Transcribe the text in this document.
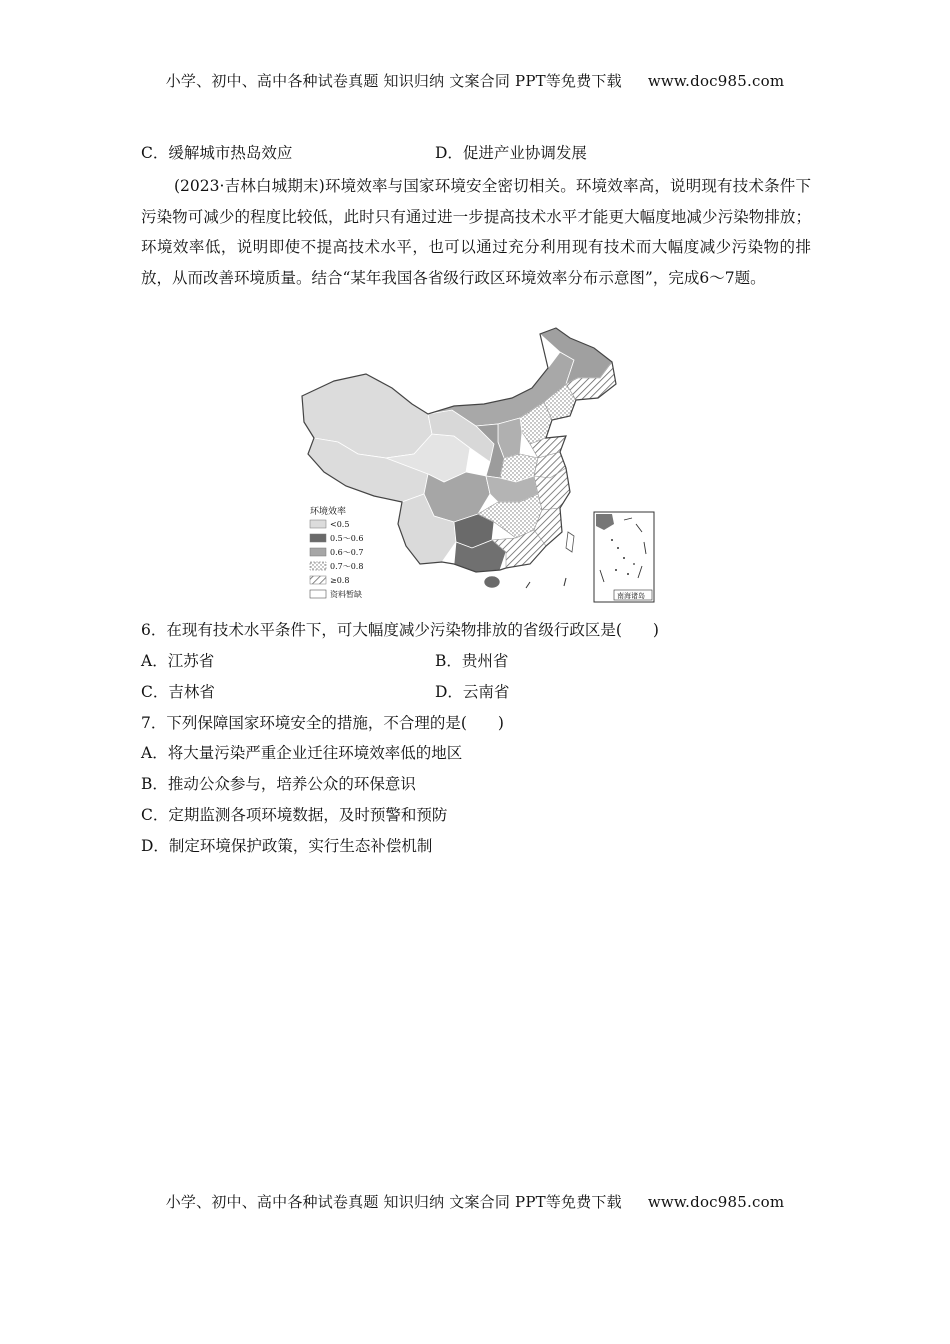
小学、初中、高中各种试卷真题 知识归纳 文案合同 PPT等免费下载 www.doc985.com
C．缓解城市热岛效应	D．促进产业协调发展

(2023·吉林白城期末)环境效率与国家环境安全密切相关。环境效率高，说明现有技术条件下污染物可减少的程度比较低，此时只有通过进一步提高技术水平才能更大幅度地减少污染物排放；环境效率低，说明即使不提高技术水平，也可以通过充分利用现有技术而大幅度减少污染物的排放，从而改善环境质量。结合“某年我国各省级行政区环境效率分布示意图”，完成6～7题。

环境效率
<0.5
0.5～0.6
0.6～0.7
0.7～0.8
≥0.8
资料暂缺	南海诸岛
6．在现有技术水平条件下，可大幅度减少污染物排放的省级行政区是(　　)
A．江苏省	B．贵州省
C．吉林省	D．云南省
7．下列保障国家环境安全的措施，不合理的是(　　)
A．将大量污染严重企业迁往环境效率低的地区
B．推动公众参与，培养公众的环保意识
C．定期监测各项环境数据，及时预警和预防
D．制定环境保护政策，实行生态补偿机制
小学、初中、高中各种试卷真题 知识归纳 文案合同 PPT等免费下载 www.doc985.com
